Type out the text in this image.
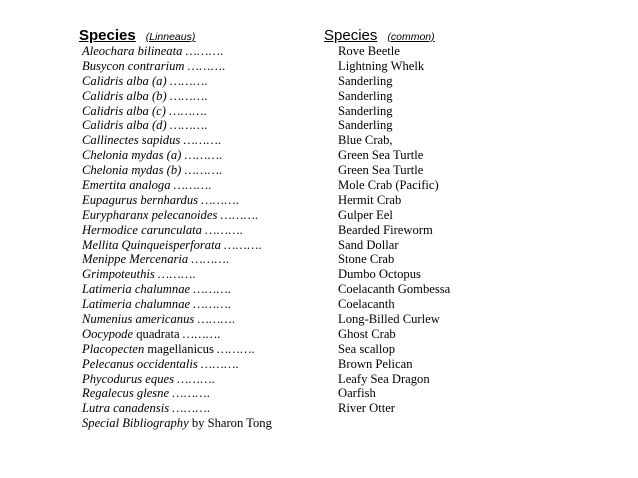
Species (Linneaus)	Species (common)
Aleochara bilineata ……….
Busycon contrarium ……….
Calidris alba (a) ……….
Calidris alba (b) ……….
Calidris alba (c) ……….
Calidris alba (d) ……….
Callinectes sapidus ……….
Chelonia mydas (a) ……….
Chelonia mydas (b) ……….
Emertita analoga ……….
Eupagurus bernhardus ……….
Eurypharanx pelecanoides ……….
Hermodice carunculata ……….
Mellita Quinqueisperforata ……….
Menippe Mercenaria ……….
Grimpoteuthis ……….
Latimeria chalumnae ……….
Latimeria chalumnae ……….
Numenius americanus ……….
Oocypode quadrata ……….
Placopecten magellanicus ……….
Pelecanus occidentalis ……….
Phycodurus eques ……….
Regalecus glesne ……….
Lutra canadensis ……….
Special Bibliography by Sharon Tong
Rove Beetle
Lightning Whelk
Sanderling
Sanderling
Sanderling
Sanderling
Blue Crab,
Green Sea Turtle
Green Sea Turtle
Mole Crab (Pacific)
Hermit Crab
Gulper Eel
Bearded Fireworm
Sand Dollar
Stone Crab
Dumbo Octopus
Coelacanth Gombessa
Coelacanth
Long-Billed Curlew
Ghost Crab
Sea scallop
Brown Pelican
Leafy Sea Dragon
Oarfish
River Otter
